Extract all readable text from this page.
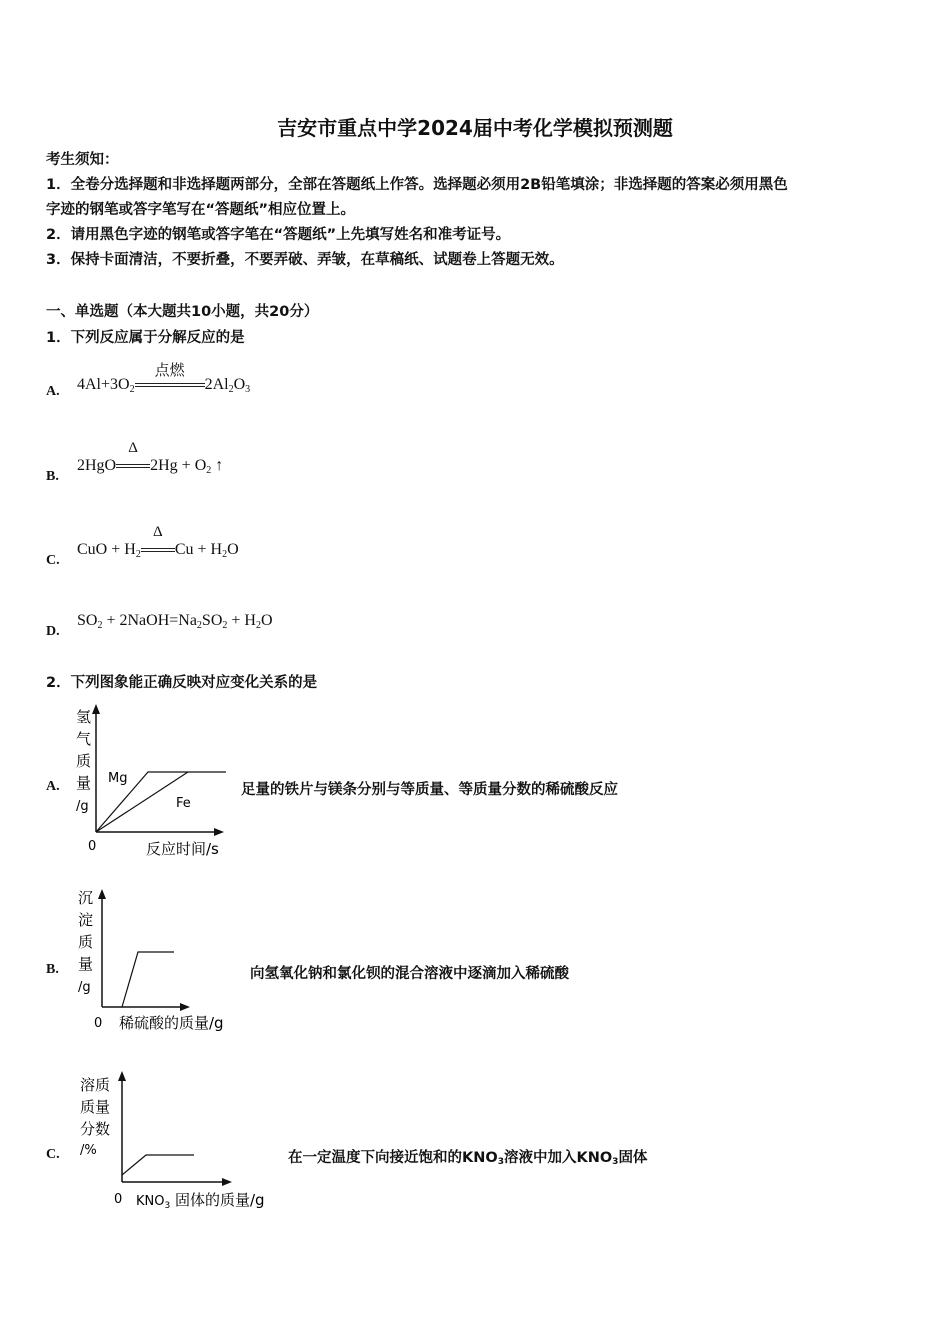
吉安市重点中学2024届中考化学模拟预测题
考生须知：
1．全卷分选择题和非选择题两部分，全部在答题纸上作答。选择题必须用2B铅笔填涂；非选择题的答案必须用黑色
字迹的钢笔或答字笔写在“答题纸”相应位置上。
2．请用黑色字迹的钢笔或答字笔在“答题纸”上先填写姓名和准考证号。
3．保持卡面清洁，不要折叠，不要弄破、弄皱，在草稿纸、试题卷上答题无效。
一、单选题（本大题共10小题，共20分）
1．下列反应属于分解反应的是
A. $4Al+3O_2$
点燃
$2Al_2O_3$
B.
2HgO
Δ
$2Hg + O_2$ ↑
C.
CuO + $H_2$
Δ
$Cu + H_2O$
D.
$SO_2$ + $2NaOH=Na_2SO_2 + H_2O$
2．下列图象能正确反映对应变化关系的是
A.
氢
气
质
量
/g
Mg
Fe
0	反应时间/s
足量的铁片与镁条分别与等质量、等质量分数的稀硫酸反应
B.
沉
淀
质
量
/g
0 稀硫酸的质量/g
向氢氧化钠和氯化钡的混合溶液中逐滴加入稀硫酸
C.
溶质
质量
分数
/%
0 $KNO_3$ 固体的质量/g
在一定温度下向接近饱和的$KNO_3$溶液中加入$KNO_3$固体
